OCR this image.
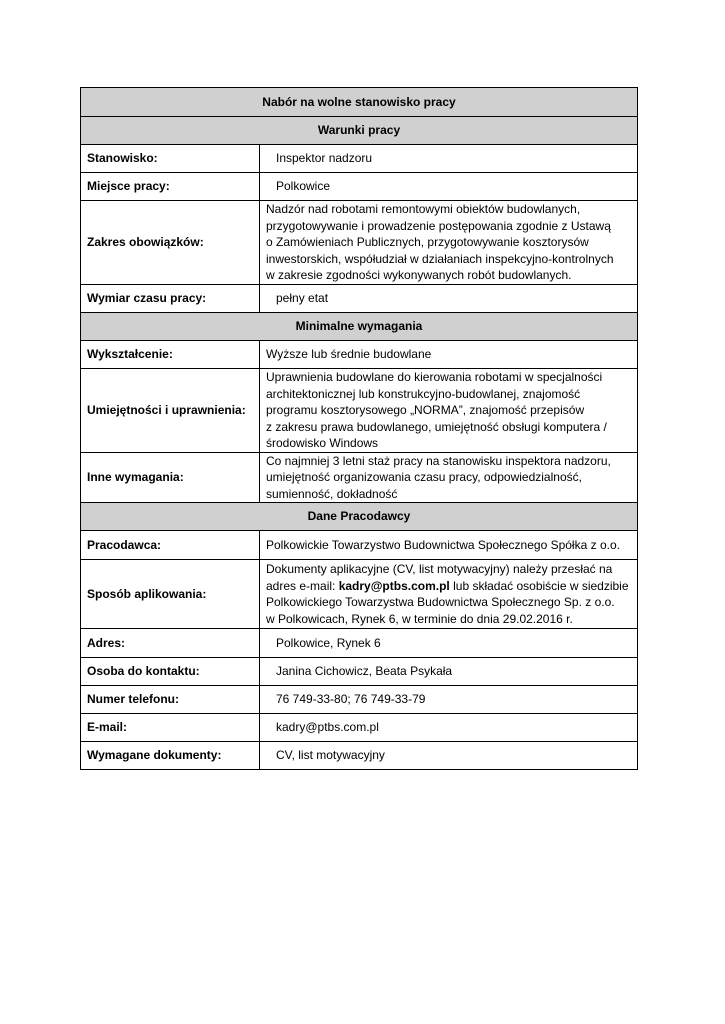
Nabór na wolne stanowisko pracy	
Warunki pracy	
Stanowisko:	Inspektor nadzoru
Miejsce pracy:	Polkowice
Zakres obowiązków:	Nadzór nad robotami remontowymi obiektów budowlanych,
przygotowywanie i prowadzenie postępowania zgodnie z Ustawą
o Zamówieniach Publicznych, przygotowywanie kosztorysów
inwestorskich, współudział w działaniach inspekcyjno-kontrolnych
w zakresie zgodności wykonywanych robót budowlanych.

Wymiar czasu pracy:	pełny etat
Minimalne wymagania	
Wykształcenie:	Wyższe lub średnie budowlane
Umiejętności i uprawnienia:	Uprawnienia budowlane do kierowania robotami w specjalności
architektonicznej lub konstrukcyjno-budowlanej, znajomość
programu kosztorysowego „NORMA”, znajomość przepisów
z zakresu prawa budowlanego, umiejętność obsługi komputera /
środowisko Windows

Inne wymagania:	Co najmniej 3 letni staż pracy na stanowisku inspektora nadzoru,
umiejętność organizowania czasu pracy, odpowiedzialność,
sumienność, dokładność

Dane Pracodawcy	
Pracodawca:	Polkowickie Towarzystwo Budownictwa Społecznego Spółka z o.o.
Sposób aplikowania:	Dokumenty aplikacyjne (CV, list motywacyjny) należy przesłać na
adres e-mail: kadry@ptbs.com.pl lub składać osobiście w siedzibie
Polkowickiego Towarzystwa Budownictwa Społecznego Sp. z o.o.
w Polkowicach, Rynek 6, w terminie do dnia 29.02.2016 r.

Adres:	Polkowice, Rynek 6
Osoba do kontaktu:	Janina Cichowicz, Beata Psykała
Numer telefonu:	76 749-33-80; 76 749-33-79
E-mail:	kadry@ptbs.com.pl
Wymagane dokumenty:	CV, list motywacyjny
